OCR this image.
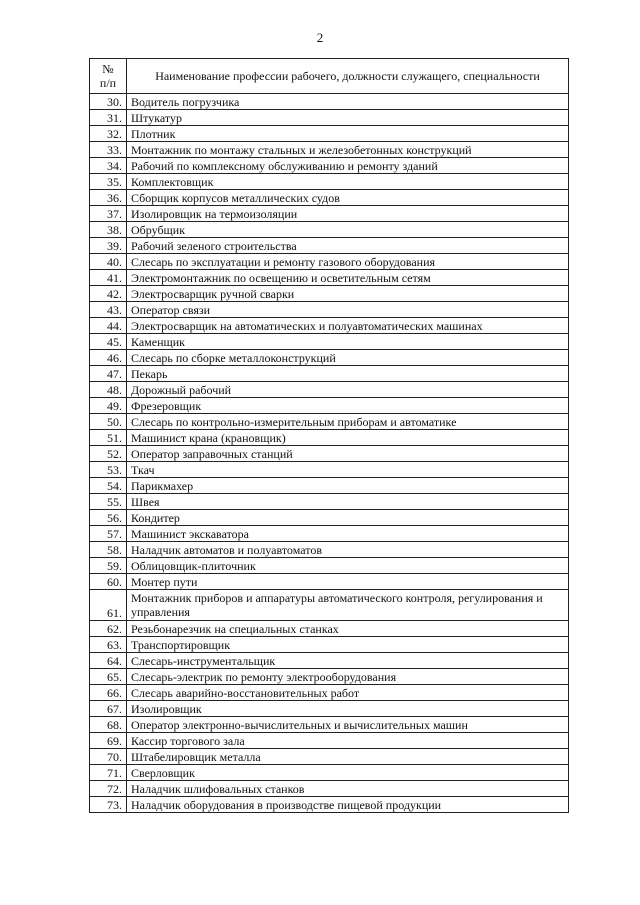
2
№
п/п	Наименование профессии рабочего, должности служащего, специальности
30.	Водитель погрузчика
31.	Штукатур
32.	Плотник
33.	Монтажник по монтажу стальных и железобетонных конструкций
34.	Рабочий по комплексному обслуживанию и ремонту зданий
35.	Комплектовщик
36.	Сборщик корпусов металлических судов
37.	Изолировщик на термоизоляции
38.	Обрубщик
39.	Рабочий зеленого строительства
40.	Слесарь по эксплуатации и ремонту газового оборудования
41.	Электромонтажник по освещению и осветительным сетям
42.	Электросварщик ручной сварки
43.	Оператор связи
44.	Электросварщик на автоматических и полуавтоматических машинах
45.	Каменщик
46.	Слесарь по сборке металлоконструкций
47.	Пекарь
48.	Дорожный рабочий
49.	Фрезеровщик
50.	Слесарь по контрольно-измерительным приборам и автоматике
51.	Машинист крана (крановщик)
52.	Оператор заправочных станций
53.	Ткач
54.	Парикмахер
55.	Швея
56.	Кондитер
57.	Машинист экскаватора
58.	Наладчик автоматов и полуавтоматов
59.	Облицовщик-плиточник
60.	Монтер пути
61.	Монтажник приборов и аппаратуры автоматического контроля, регулирования и управления
62.	Резьбонарезчик на специальных станках
63.	Транспортировщик
64.	Слесарь-инструментальщик
65.	Слесарь-электрик по ремонту электрооборудования
66.	Слесарь аварийно-восстановительных работ
67.	Изолировщик
68.	Оператор электронно-вычислительных и вычислительных машин
69.	Кассир торгового зала
70.	Штабелировщик металла
71.	Сверловщик
72.	Наладчик шлифовальных станков
73.	Наладчик оборудования в производстве пищевой продукции
